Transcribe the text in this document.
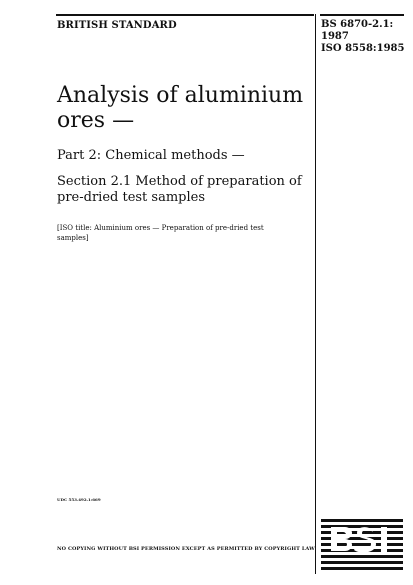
BRITISH STANDARD	BS 6870-2.1:
1987
ISO 8558:1985
Analysis of aluminium
ores —
Part 2: Chemical methods —
Section 2.1 Method of preparation of
pre-dried test samples
[ISO title: Aluminium ores — Preparation of pre-dried test
samples]
UDC 553.492.1:669
NO COPYING WITHOUT BSI PERMISSION EXCEPT AS PERMITTED BY COPYRIGHT LAW
